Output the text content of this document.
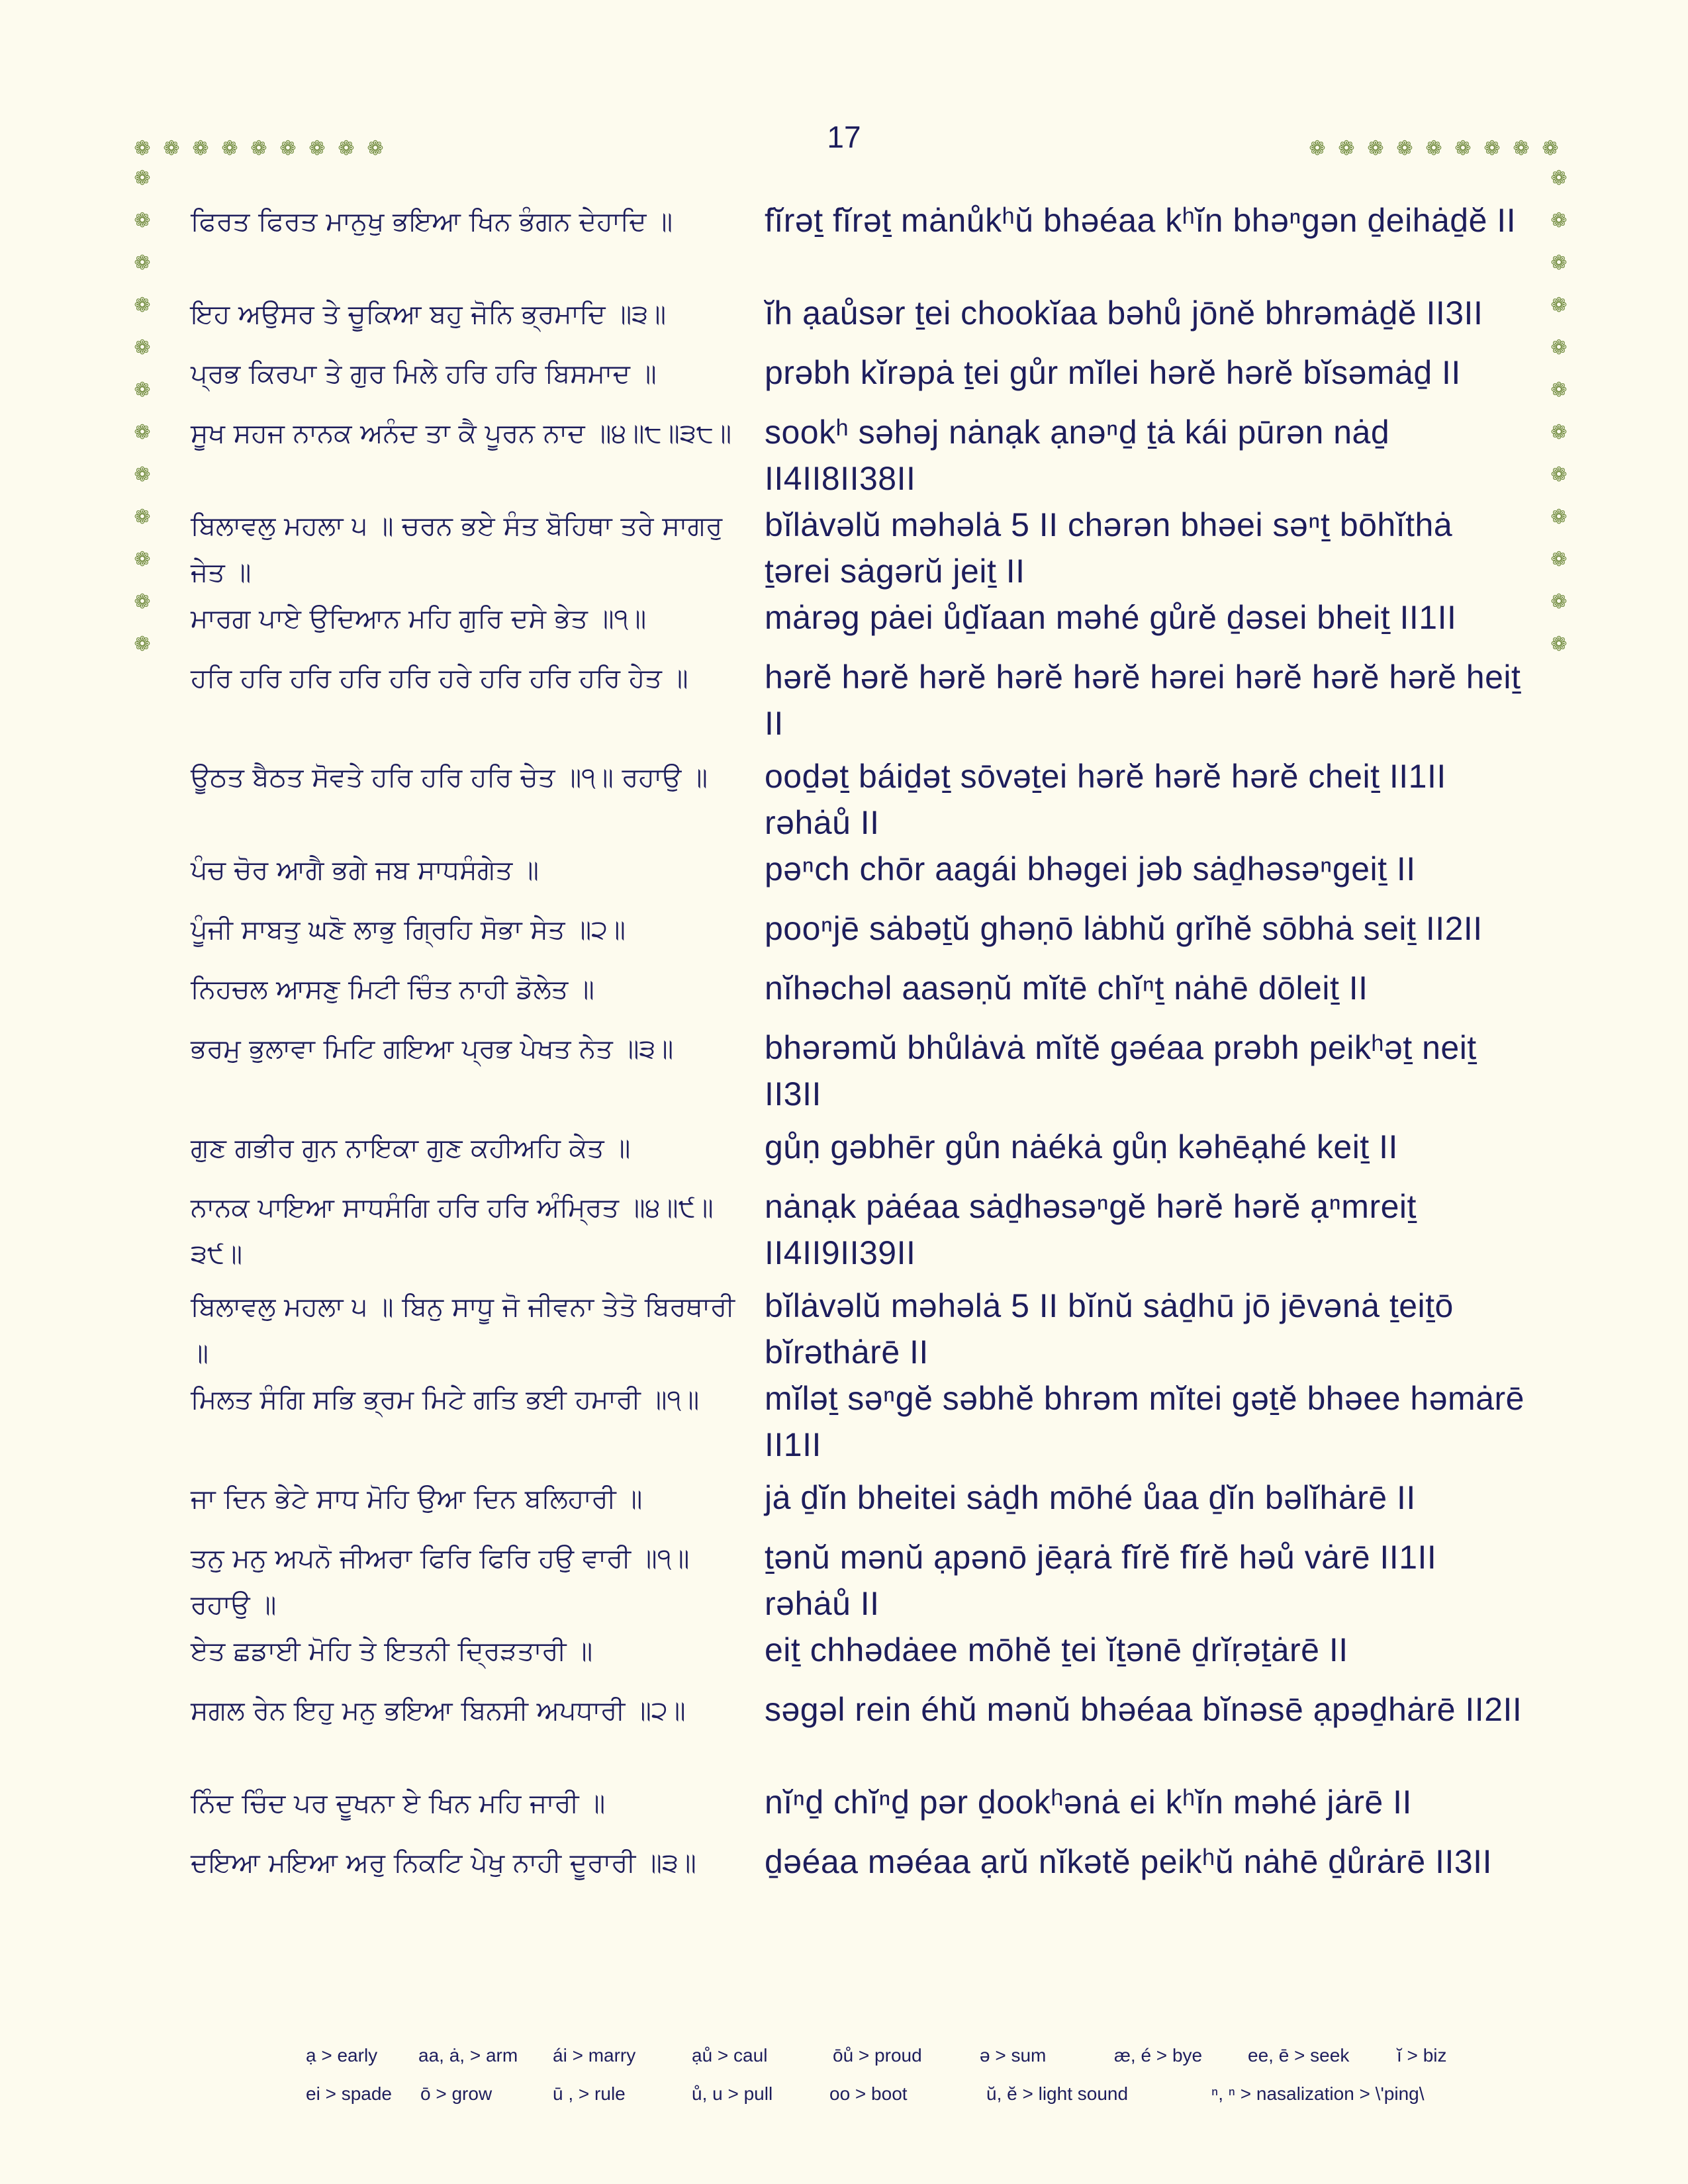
17
❁ ❁ ❁ ❁ ❁ ❁ ❁ ❁ ❁	❁ ❁ ❁ ❁ ❁ ❁ ❁ ❁ ❁
❁
❁
❁
❁
❁
❁
❁
❁
❁
❁
❁
❁
❁
❁
❁
❁
❁
❁
❁
❁
❁
❁
❁
❁
ਫਿਰਤ ਫਿਰਤ ਮਾਨੁਖੁ ਭਇਆ ਖਿਨ ਭੰਗਨ ਦੇਹਾਦਿ ॥	fĭrəṯ fĭrəṯ mȧnůkʰŭ bhəéaa kʰĭn bhəⁿgən ḏeihȧḏĕ II
ਇਹ ਅਉਸਰ ਤੇ ਚੂਕਿਆ ਬਹੁ ਜੋਨਿ ਭ੍ਰਮਾਦਿ ॥੩॥	ĭh ạaůsər ṯei chookĭaa bəhů jōnĕ bhrəmȧḏĕ II3II
ਪ੍ਰਭ ਕਿਰਪਾ ਤੇ ਗੁਰ ਮਿਲੇ ਹਰਿ ਹਰਿ ਬਿਸਮਾਦ ॥	prəbh kĭrəpȧ ṯei gůr mĭlei hərĕ hərĕ bĭsəmȧḏ II
ਸੂਖ ਸਹਜ ਨਾਨਕ ਅਨੰਦ ਤਾ ਕੈ ਪੂਰਨ ਨਾਦ ॥੪॥੮॥੩੮॥ sookʰ səhəj nȧnạk ạnəⁿḏ ṯȧ kái pūrən nȧḏ II4II8II38II
ਬਿਲਾਵਲੁ ਮਹਲਾ ੫ ॥ ਚਰਨ ਭਏ ਸੰਤ ਬੋਹਿਥਾ ਤਰੇ ਸਾਗਰੁ ਜੇਤ ॥
bĭlȧvəlŭ məhəlȧ 5 II chərən bhəei səⁿṯ bōhĭthȧ ṯərei sȧgərŭ jeiṯ II
ਮਾਰਗ ਪਾਏ ਉਦਿਆਨ ਮਹਿ ਗੁਰਿ ਦਸੇ ਭੇਤ ॥੧॥	mȧrəg pȧei ůḏĭaan məhé gůrĕ ḏəsei bheiṯ II1II
ਹਰਿ ਹਰਿ ਹਰਿ ਹਰਿ ਹਰਿ ਹਰੇ ਹਰਿ ਹਰਿ ਹਰਿ ਹੇਤ ॥	hərĕ hərĕ hərĕ hərĕ hərĕ hərei hərĕ hərĕ hərĕ heiṯ II
ਊਠਤ ਬੈਠਤ ਸੋਵਤੇ ਹਰਿ ਹਰਿ ਹਰਿ ਚੇਤ ॥੧॥ ਰਹਾਉ ॥	ooḏəṯ báiḏəṯ sōvəṯei hərĕ hərĕ hərĕ cheiṯ II1II rəhȧů II
ਪੰਚ ਚੋਰ ਆਗੈ ਭਗੇ ਜਬ ਸਾਧਸੰਗੇਤ ॥	pəⁿch chōr aagái bhəgei jəb sȧḏhəsəⁿgeiṯ II
ਪੂੰਜੀ ਸਾਬਤੁ ਘਣੋ ਲਾਭੁ ਗ੍ਰਿਹਿ ਸੋਭਾ ਸੇਤ ॥੨॥	pooⁿjē sȧbəṯŭ ghəṇō lȧbhŭ grĭhĕ sōbhȧ seiṯ II2II
ਨਿਹਚਲ ਆਸਣੁ ਮਿਟੀ ਚਿੰਤ ਨਾਹੀ ਡੋਲੇਤ ॥	nĭhəchəl aasəṇŭ mĭtē chĭⁿṯ nȧhē dōleiṯ II
ਭਰਮੁ ਭੁਲਾਵਾ ਮਿਟਿ ਗਇਆ ਪ੍ਰਭ ਪੇਖਤ ਨੇਤ ॥੩॥	bhərəmŭ bhůlȧvȧ mĭtĕ gəéaa prəbh peikʰəṯ neiṯ II3II
ਗੁਣ ਗਭੀਰ ਗੁਨ ਨਾਇਕਾ ਗੁਣ ਕਹੀਅਹਿ ਕੇਤ ॥	gůṇ gəbhēr gůn nȧékȧ gůṇ kəhēạhé keiṯ II
ਨਾਨਕ ਪਾਇਆ ਸਾਧਸੰਗਿ ਹਰਿ ਹਰਿ ਅੰਮ੍ਰਿਤ ॥੪॥੯॥੩੯॥
nȧnạk pȧéaa sȧḏhəsəⁿgĕ hərĕ hərĕ ạⁿmreiṯ II4II9II39II
ਬਿਲਾਵਲੁ ਮਹਲਾ ੫ ॥ ਬਿਨੁ ਸਾਧੂ ਜੋ ਜੀਵਨਾ ਤੇਤੋ ਬਿਰਥਾਰੀ ॥
bĭlȧvəlŭ məhəlȧ 5 II bĭnŭ sȧḏhū jō jēvənȧ ṯeiṯō bĭrəthȧrē II
ਮਿਲਤ ਸੰਗਿ ਸਭਿ ਭ੍ਰਮ ਮਿਟੇ ਗਤਿ ਭਈ ਹਮਾਰੀ ॥੧॥	mĭləṯ səⁿgĕ səbhĕ bhrəm mĭtei gəṯĕ bhəee həmȧrē II1II
ਜਾ ਦਿਨ ਭੇਟੇ ਸਾਧ ਮੋਹਿ ਉਆ ਦਿਨ ਬਲਿਹਾਰੀ ॥	jȧ ḏĭn bheitei sȧḏh mōhé ůaa ḏĭn bəlĭhȧrē II
ਤਨੁ ਮਨੁ ਅਪਨੋ ਜੀਅਰਾ ਫਿਰਿ ਫਿਰਿ ਹਉ ਵਾਰੀ ॥੧॥ ਰਹਾਉ ॥
ṯənŭ mənŭ ạpənō jēạrȧ fĭrĕ fĭrĕ həů vȧrē II1II rəhȧů II
ਏਤ ਛਡਾਈ ਮੋਹਿ ਤੇ ਇਤਨੀ ਦ੍ਰਿੜਤਾਰੀ ॥	eiṯ chhədȧee mōhĕ ṯei ĭṯənē ḏrĭṛəṯȧrē II
ਸਗਲ ਰੇਨ ਇਹੁ ਮਨੁ ਭਇਆ ਬਿਨਸੀ ਅਪਧਾਰੀ ॥੨॥	səgəl rein éhŭ mənŭ bhəéaa bĭnəsē ạpəḏhȧrē II2II
ਨਿੰਦ ਚਿੰਦ ਪਰ ਦੂਖਨਾ ਏ ਖਿਨ ਮਹਿ ਜਾਰੀ ॥	nĭⁿḏ chĭⁿḏ pər ḏookʰənȧ ei kʰĭn məhé jȧrē II
ਦਇਆ ਮਇਆ ਅਰੁ ਨਿਕਟਿ ਪੇਖੁ ਨਾਹੀ ਦੂਰਾਰੀ ॥੩॥	ḏəéaa məéaa ạrŭ nĭkətĕ peikʰŭ nȧhē ḏůrȧrē II3II
ạ > early aa, ȧ, > arm ái > marry	ạů > caul	ōů > proud	ə > sum	æ, é > bye ee, ē > seek	ĭ > biz
ei > spade ō > grow	ū , > rule	ů, u > pull	oo > boot	ŭ, ĕ > light sound	ⁿ, ⁿ > nasalization > \'ping\
